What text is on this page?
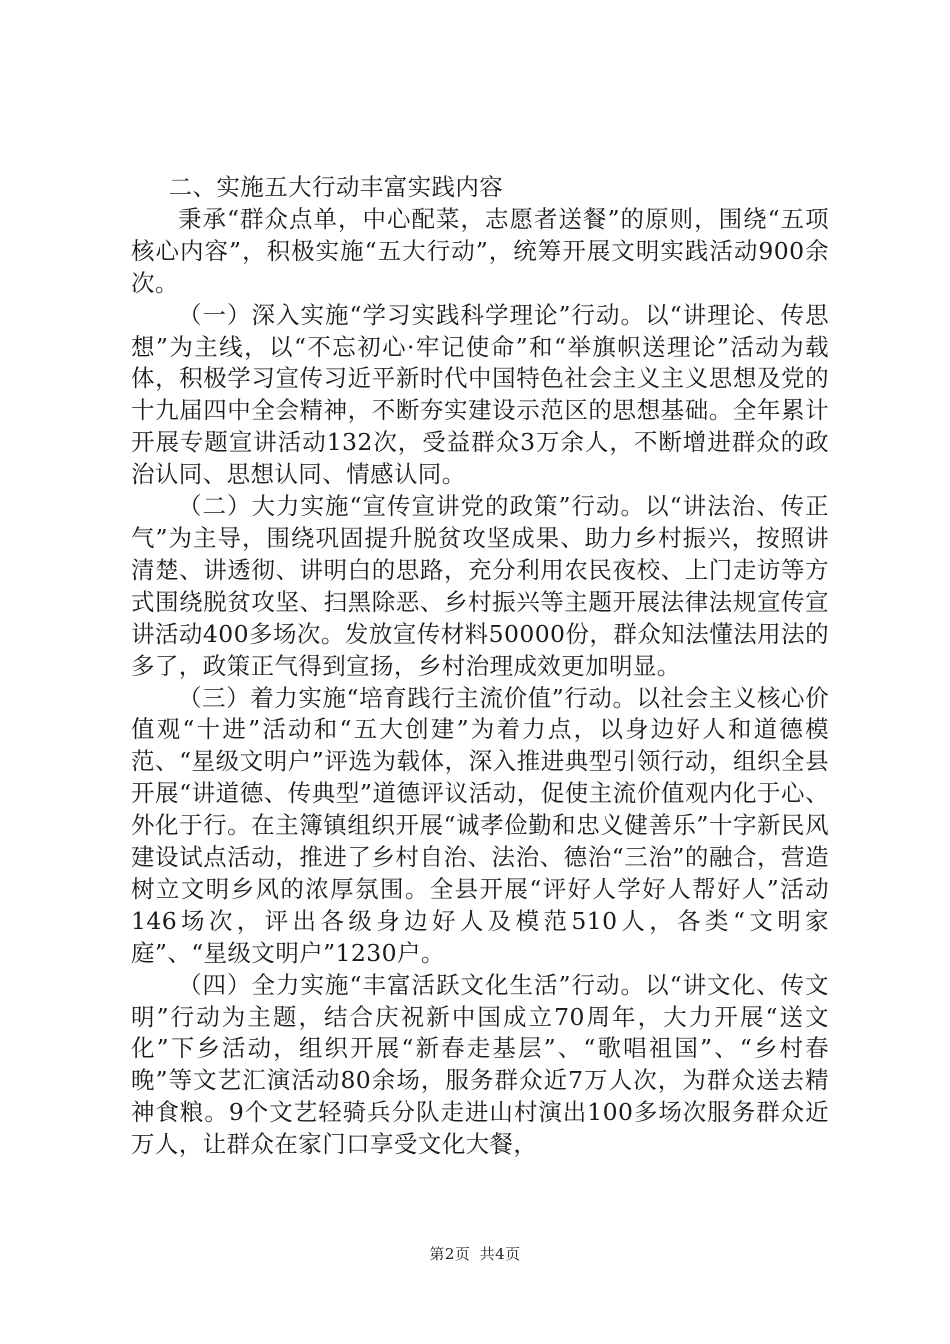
二、实施五大行动丰富实践内容

秉承“群众点单，中心配菜，志愿者送餐”的原则，围绕“五项核心内容”，积极实施“五大行动”，统筹开展文明实践活动900余次。

（一）深入实施“学习实践科学理论”行动。以“讲理论、传思想”为主线，以“不忘初心·牢记使命”和“举旗帜送理论”活动为载体，积极学习宣传习近平新时代中国特色社会主义主义思想及党的十九届四中全会精神，不断夯实建设示范区的思想基础。全年累计开展专题宣讲活动132次，受益群众3万余人，不断增进群众的政治认同、思想认同、情感认同。

（二）大力实施“宣传宣讲党的政策”行动。以“讲法治、传正气”为主导，围绕巩固提升脱贫攻坚成果、助力乡村振兴，按照讲清楚、讲透彻、讲明白的思路，充分利用农民夜校、上门走访等方式围绕脱贫攻坚、扫黑除恶、乡村振兴等主题开展法律法规宣传宣讲活动400多场次。发放宣传材料50000份，群众知法懂法用法的多了，政策正气得到宣扬，乡村治理成效更加明显。

（三）着力实施“培育践行主流价值”行动。以社会主义核心价值观“十进”活动和“五大创建”为着力点，以身边好人和道德模范、“星级文明户”评选为载体，深入推进典型引领行动，组织全县开展“讲道德、传典型”道德评议活动，促使主流价值观内化于心、外化于行。在主簿镇组织开展“诚孝俭勤和忠义健善乐”十字新民风建设试点活动，推进了乡村自治、法治、德治“三治”的融合，营造树立文明乡风的浓厚氛围。全县开展“评好人学好人帮好人”活动146场次，评出各级身边好人及模范510人，各类“文明家庭”、“星级文明户”1230户。

（四）全力实施“丰富活跃文化生活”行动。以“讲文化、传文明”行动为主题，结合庆祝新中国成立70周年，大力开展“送文化”下乡活动，组织开展“新春走基层”、“歌唱祖国”、“乡村春晚”等文艺汇演活动80余场，服务群众近7万人次，为群众送去精神食粮。9个文艺轻骑兵分队走进山村演出100多场次服务群众近万人，让群众在家门口享受文化大餐，

第2页 共4页
